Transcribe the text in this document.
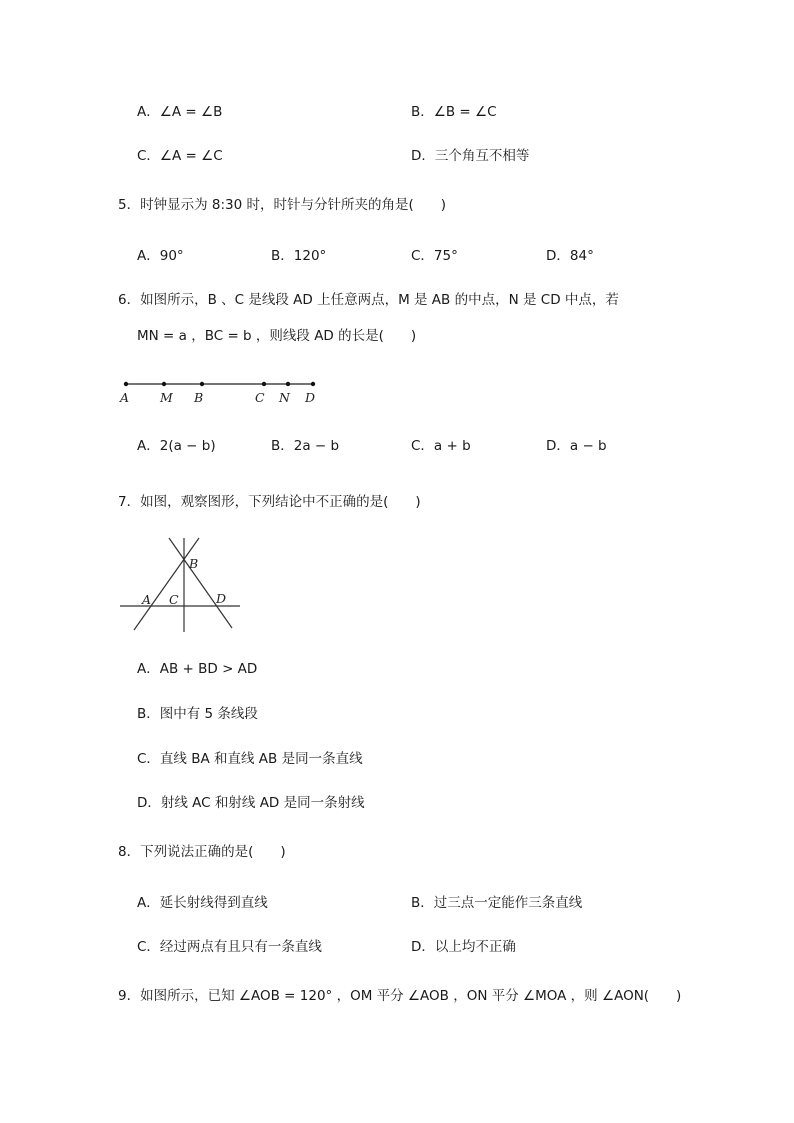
A．∠A = ∠B	B．∠B = ∠C
C．∠A = ∠C	D．三个角互不相等
5．时钟显示为 8:30 时，时针与分针所夹的角是(　　)
A．90°	B．120°	C．75°	D．84°
6．如图所示，B 、C 是线段 AD 上任意两点，M 是 AB 的中点，N 是 CD 中点，若
MN = a ，BC = b ，则线段 AD 的长是(　　)
A M B	C N D
A．2(a − b)	B．2a − b	C．a + b	D．a − b
7．如图，观察图形，下列结论中不正确的是(　　)
B
A C	D
A．AB + BD > AD
B．图中有 5 条线段
C．直线 BA 和直线 AB 是同一条直线
D．射线 AC 和射线 AD 是同一条射线
8．下列说法正确的是(　　)
A．延长射线得到直线	B．过三点一定能作三条直线
C．经过两点有且只有一条直线	D．以上均不正确
9．如图所示，已知 ∠AOB = 120° ，OM 平分 ∠AOB ，ON 平分 ∠MOA ，则 ∠AON(　　)
